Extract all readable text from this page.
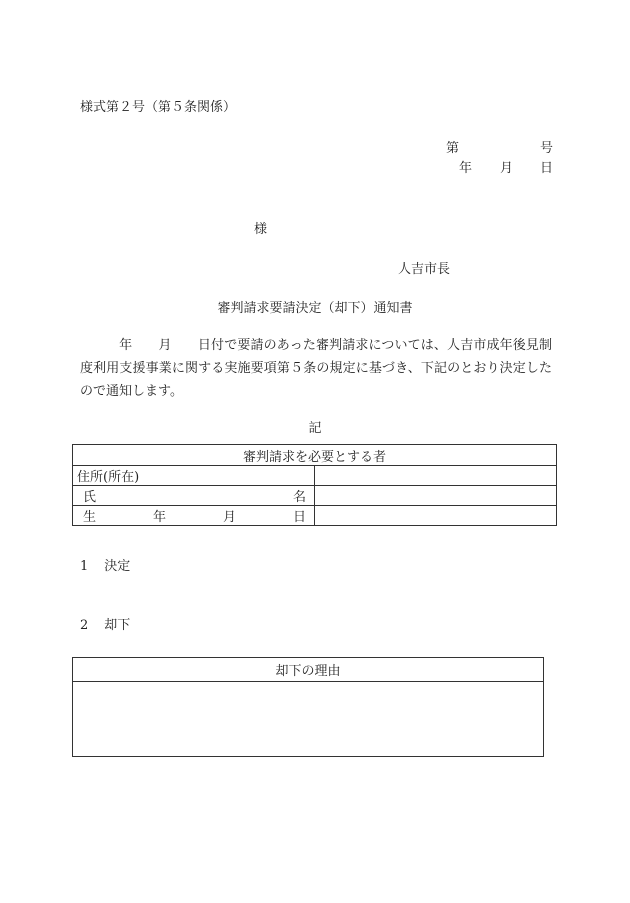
様式第２号（第５条関係）
第	号
年 月 日
様
人吉市長
審判請求要請決定（却下）通知書
年　　月　　日付で要請のあった審判請求については、人吉市成年後見制度利用支援事業に関する実施要項第５条の規定に基づき、下記のとおり決定したので通知します。
記
審判請求を必要とする者	
住所(所在)	

氏 名	

生 年 月 日	

1 決定
2 却下
却下の理由
